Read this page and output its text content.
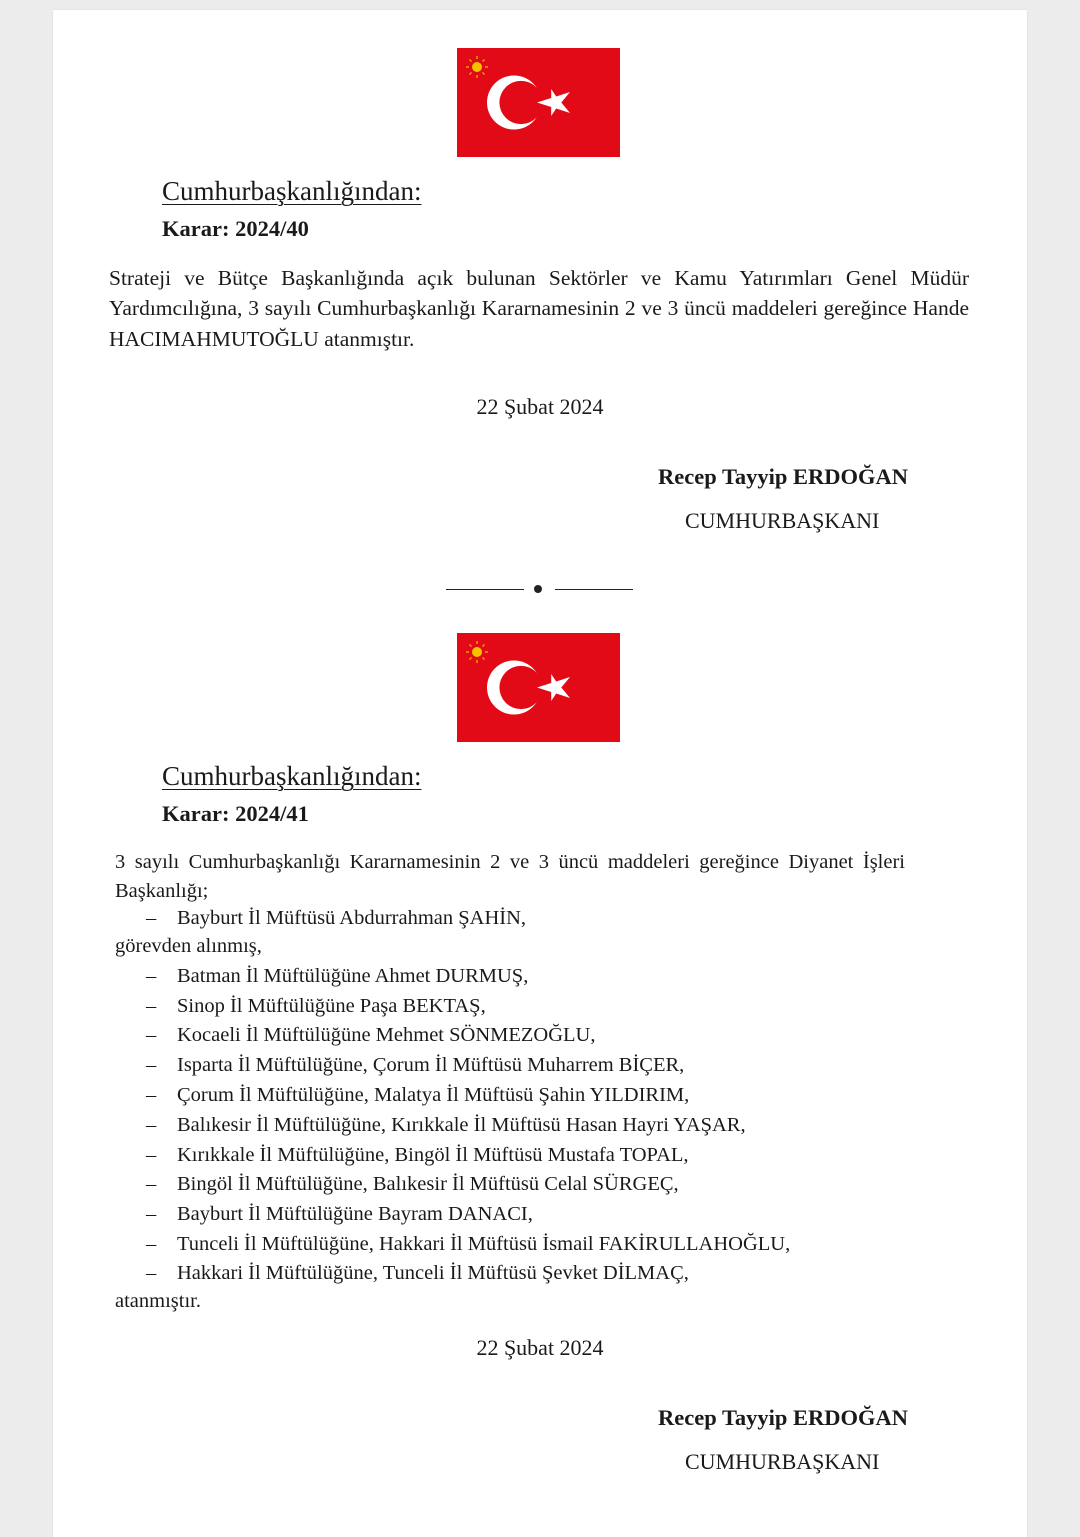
Cumhurbaşkanlığından:
Karar: 2024/40
Strateji ve Bütçe Başkanlığında açık bulunan Sektörler ve Kamu Yatırımları Genel Müdür Yardımcılığına, 3 sayılı Cumhurbaşkanlığı Kararnamesinin 2 ve 3 üncü maddeleri gereğince Hande HACIMAHMUTOĞLU atanmıştır.
22 Şubat 2024
Recep Tayyip ERDOĞAN
CUMHURBAŞKANI
Cumhurbaşkanlığından:
Karar: 2024/41
3 sayılı Cumhurbaşkanlığı Kararnamesinin 2 ve 3 üncü maddeleri gereğince Diyanet İşleri Başkanlığı;
– Bayburt İl Müftüsü Abdurrahman ŞAHİN,
görevden alınmış,
– Batman İl Müftülüğüne Ahmet DURMUŞ,
– Sinop İl Müftülüğüne Paşa BEKTAŞ,
– Kocaeli İl Müftülüğüne Mehmet SÖNMEZOĞLU,
– Isparta İl Müftülüğüne, Çorum İl Müftüsü Muharrem BİÇER,
– Çorum İl Müftülüğüne, Malatya İl Müftüsü Şahin YILDIRIM,
– Balıkesir İl Müftülüğüne, Kırıkkale İl Müftüsü Hasan Hayri YAŞAR,
– Kırıkkale İl Müftülüğüne, Bingöl İl Müftüsü Mustafa TOPAL,
– Bingöl İl Müftülüğüne, Balıkesir İl Müftüsü Celal SÜRGEÇ,
– Bayburt İl Müftülüğüne Bayram DANACI,
– Tunceli İl Müftülüğüne, Hakkari İl Müftüsü İsmail FAKİRULLAHOĞLU,
– Hakkari İl Müftülüğüne, Tunceli İl Müftüsü Şevket DİLMAÇ,
atanmıştır.
22 Şubat 2024
Recep Tayyip ERDOĞAN
CUMHURBAŞKANI
